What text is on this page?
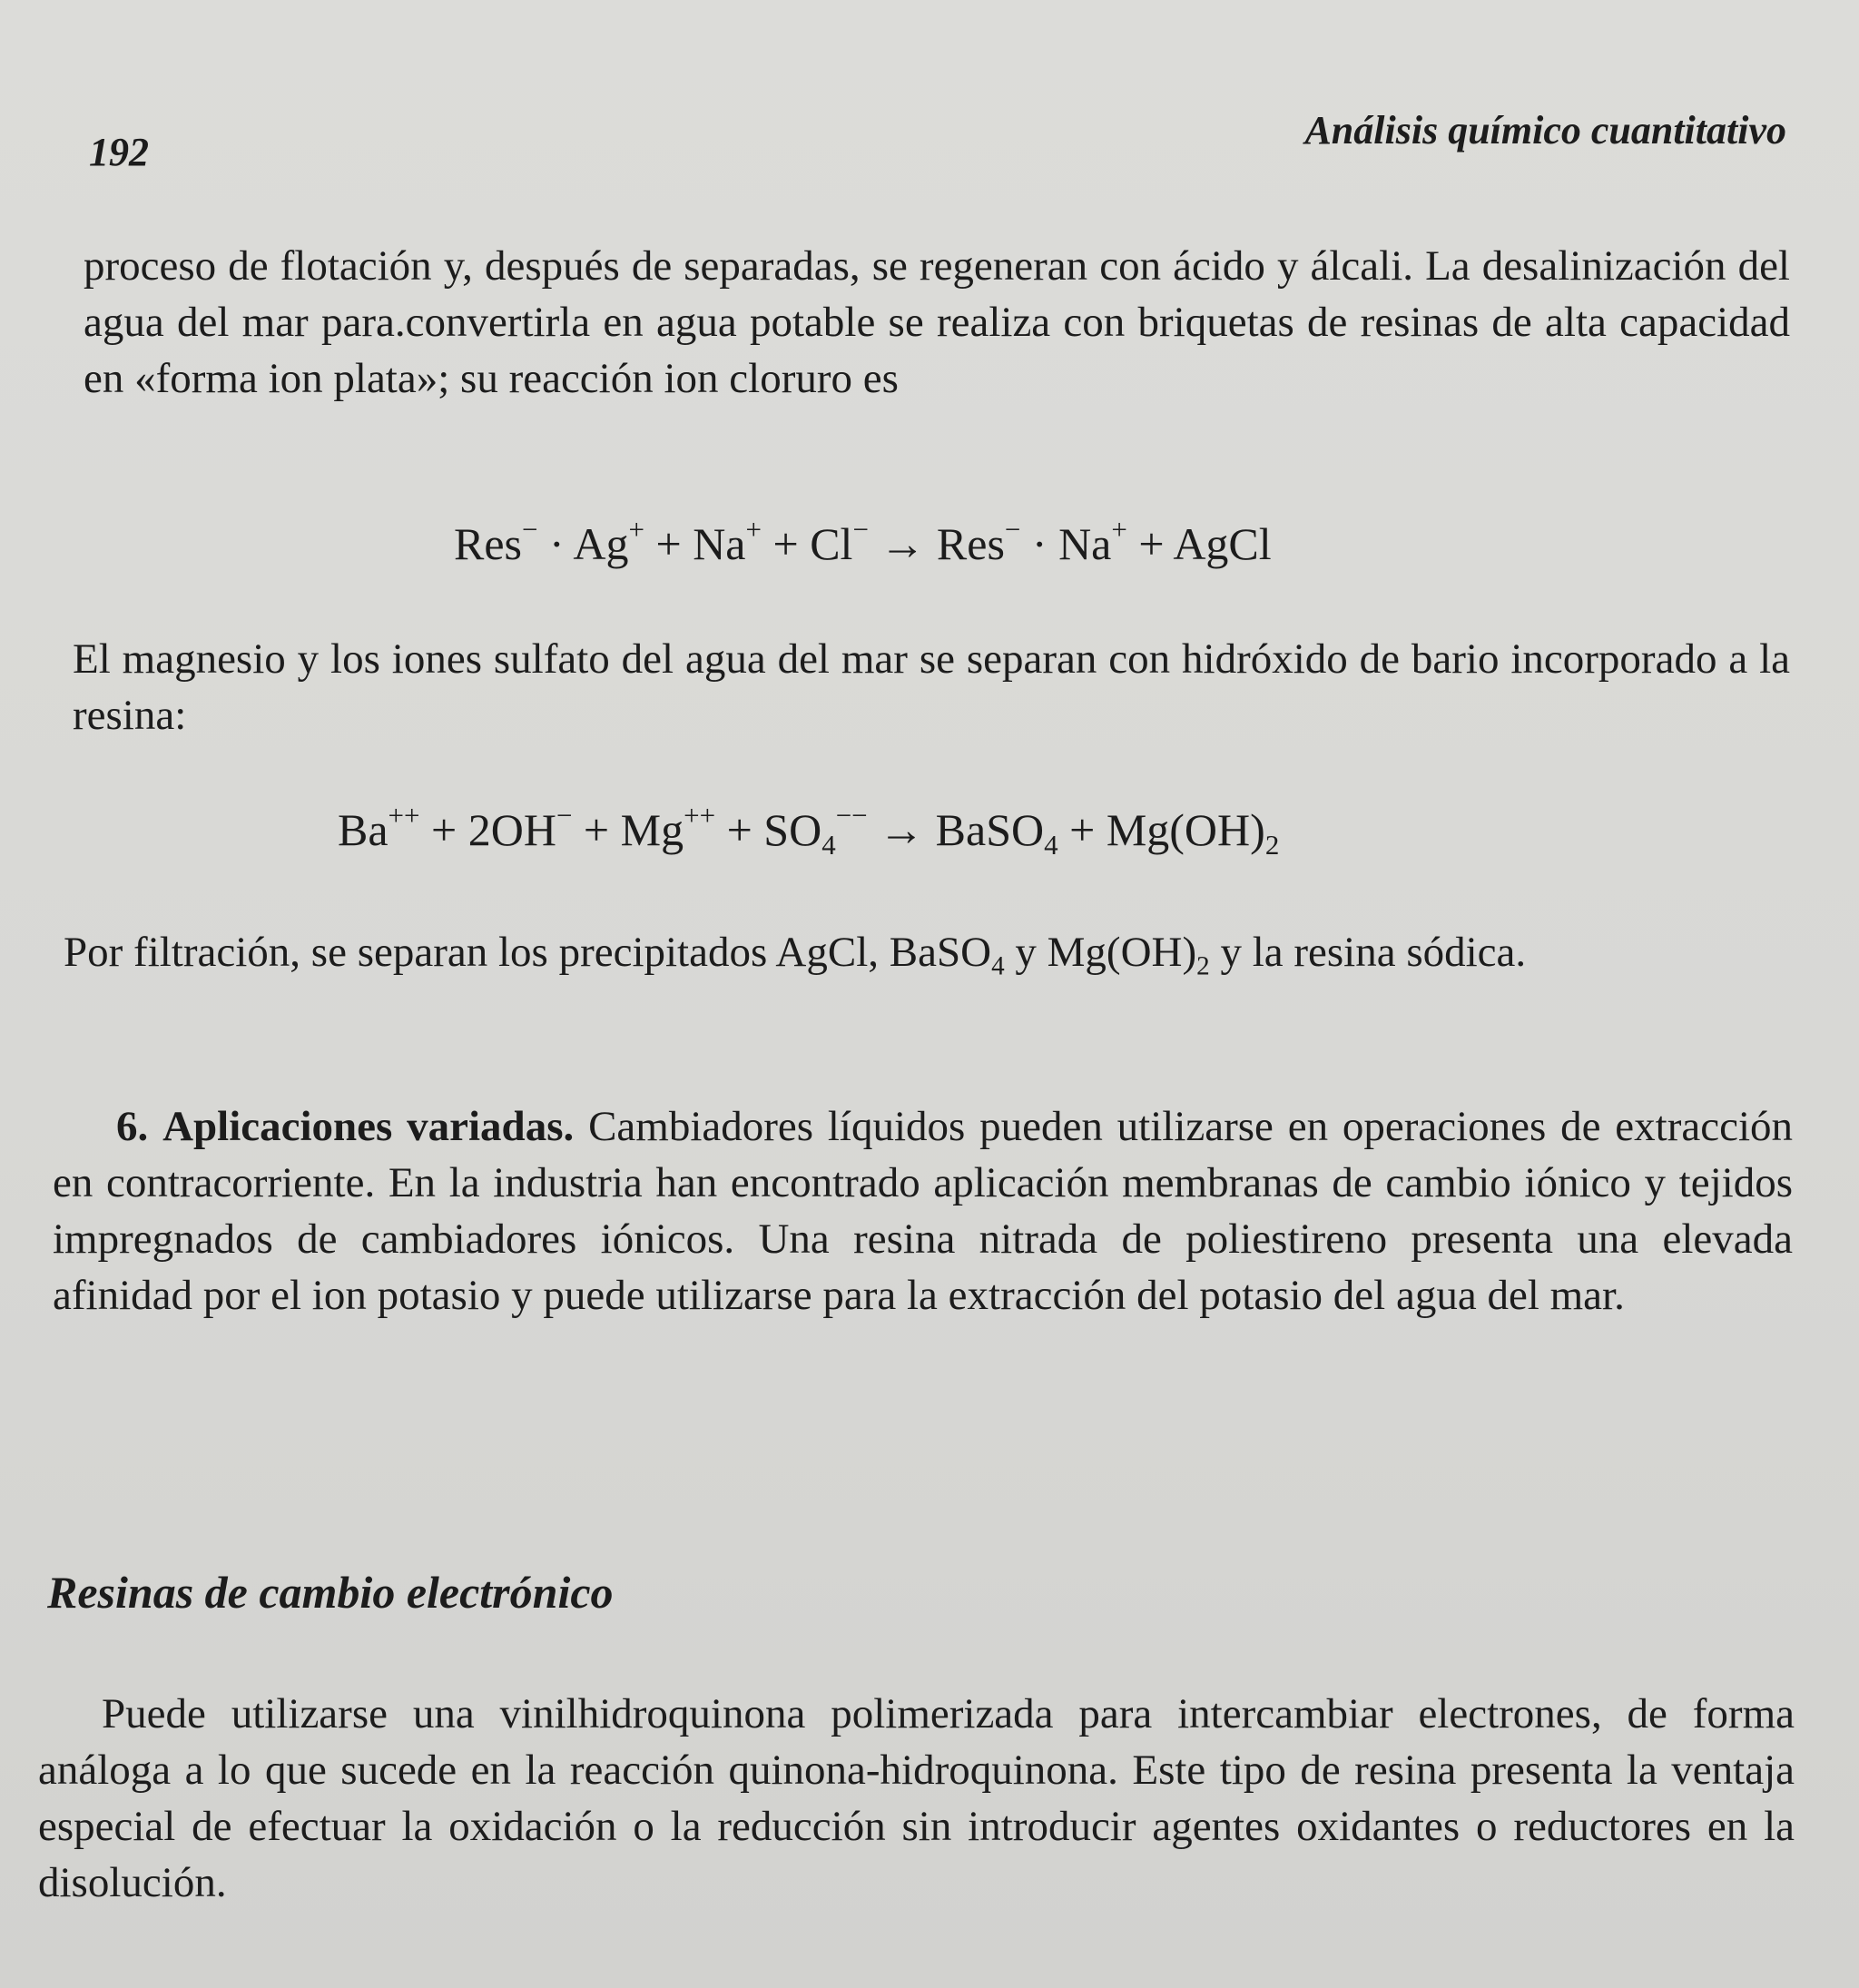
192	Análisis químico cuantitativo

proceso de flotación y, después de separadas, se regeneran con ácido y álcali. La desalinización del agua del mar para.convertirla en agua potable se realiza con briquetas de resinas de alta capacidad en «forma ion plata»; su reacción ion cloruro es

Res− · Ag+ + Na+ + Cl− → Res− · Na+ + AgCl

El magnesio y los iones sulfato del agua del mar se separan con hidróxido de bario incorporado a la resina:

$Ba^{++} + 2OH^- + Mg^{++} + SO_4^{--}$ → BaSO$_4$ + $Mg(OH)_2$

Por filtración, se separan los precipitados AgCl, BaSO$_4$ y $Mg(OH)_2$ y la resina sódica.

6. Aplicaciones variadas. Cambiadores líquidos pueden utilizarse en operaciones de extracción en contracorriente. En la industria han encontrado aplicación membranas de cambio iónico y tejidos impregnados de cambiadores iónicos. Una resina nitrada de poliestireno presenta una elevada afinidad por el ion potasio y puede utilizarse para la extracción del potasio del agua del mar.

Resinas de cambio electrónico

Puede utilizarse una vinilhidroquinona polimerizada para intercambiar electrones, de forma análoga a lo que sucede en la reacción quinona-hidroquinona. Este tipo de resina presenta la ventaja especial de efectuar la oxidación o la reducción sin introducir agentes oxidantes o reductores en la disolución.
